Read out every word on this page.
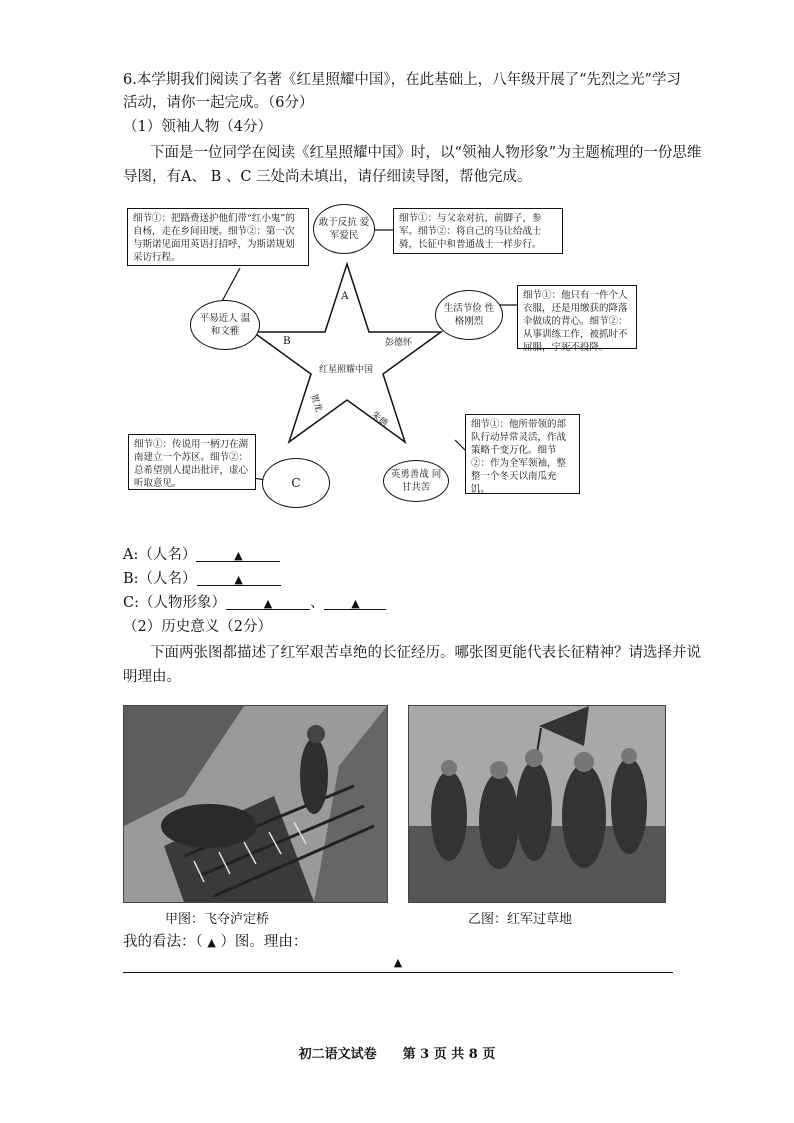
6.本学期我们阅读了名著《红星照耀中国》，在此基础上，八年级开展了“先烈之光”学习
活动，请你一起完成。（6分）
（1）领袖人物（4分）
下面是一位同学在阅读《红星照耀中国》时，以“领袖人物形象”为主题梳理的一份思维
导图，有A、 B 、C 三处尚未填出，请仔细读导图，帮他完成。
细节①：把路费送护他们带“红小鬼”的自杨，走在乡间田埂。细节②：第一次与斯诺见面用英语打招呼，为斯诺规划采访行程。
平易近人 温和文雅
敢于反抗 爱军爱民
细节①：与父亲对抗，前脚子，参军。细节②：将自己的马让给战士骑，长征中和普通战士一样步行。
生活节俭 性格刚烈
细节①：他只有一件个人衣服，还是用缴获的降落伞做成的背心。细节②：从事训练工作，被抓时不屈服，宁死不投降。
细节①：传说用一柄刀在湖南建立一个苏区。细节②：总希望别人提出批评，虚心听取意见。	C
细节①：他所带领的部队行动异常灵活，作战策略千变万化。细节②：作为全军领袖，整整一个冬天以南瓜充饥。
英勇善战 同甘共苦
A
B	彭德怀
红星照耀中国
贺龙
朱德
A:（人名）	▲
B:（人名）	▲
C:（人物形象）	▲	、 ▲
（2）历史意义（2分）
下面两张图都描述了红军艰苦卓绝的长征经历。哪张图更能代表长征精神？请选择并说
明理由。
甲图：飞夺泸定桥	乙图：红军过草地
我的看法：（ ▲ ）图。理由：
▲
初二语文试卷　　第 3 页 共 8 页
